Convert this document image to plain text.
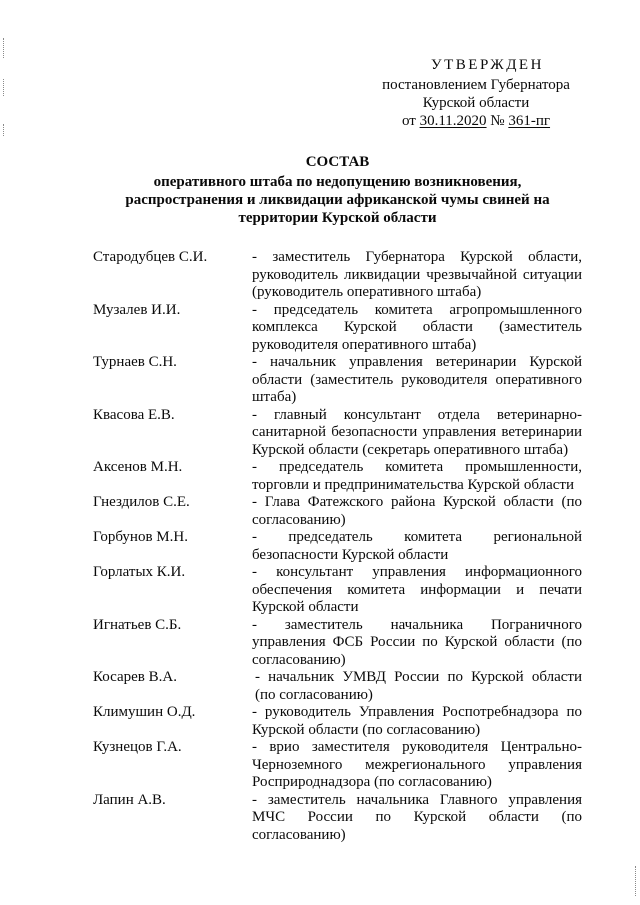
УТВЕРЖДЕН
постановлением Губернатора
Курской области
от 30.11.2020 № 361-пг
СОСТАВ
оперативного штаба по недопущению возникновения,
распространения и ликвидации африканской чумы свиней на
территории Курской области
Стародубцев С.И.	- заместитель Губернатора Курской области,
руководитель ликвидации чрезвычайной ситуации
(руководитель оперативного штаба)
Музалев И.И.	- председатель комитета агропромышленного
комплекса Курской области (заместитель
руководителя оперативного штаба)
Турнаев С.Н.	- начальник управления ветеринарии Курской
области (заместитель руководителя оперативного
штаба)
Квасова Е.В.	- главный консультант отдела ветеринарно-
санитарной безопасности управления ветеринарии
Курской области (секретарь оперативного штаба)
Аксенов М.Н.	- председатель комитета промышленности,
торговли и предпринимательства Курской области
Гнездилов С.Е.	- Глава Фатежского района Курской области (по
согласованию)
Горбунов М.Н.	- председатель комитета региональной
безопасности Курской области
Горлатых К.И.	- консультант управления информационного
обеспечения комитета информации и печати
Курской области
Игнатьев С.Б.	- заместитель начальника Пограничного
управления ФСБ России по Курской области (по
согласованию)
Косарев В.А.	- начальник УМВД России по Курской области
(по согласованию)
Климушин О.Д.	- руководитель Управления Роспотребнадзора по
Курской области (по согласованию)
Кузнецов Г.А.	- врио заместителя руководителя Центрально-
Черноземного межрегионального управления
Росприроднадзора (по согласованию)
Лапин А.В.	- заместитель начальника Главного управления
МЧС России по Курской области (по
согласованию)
